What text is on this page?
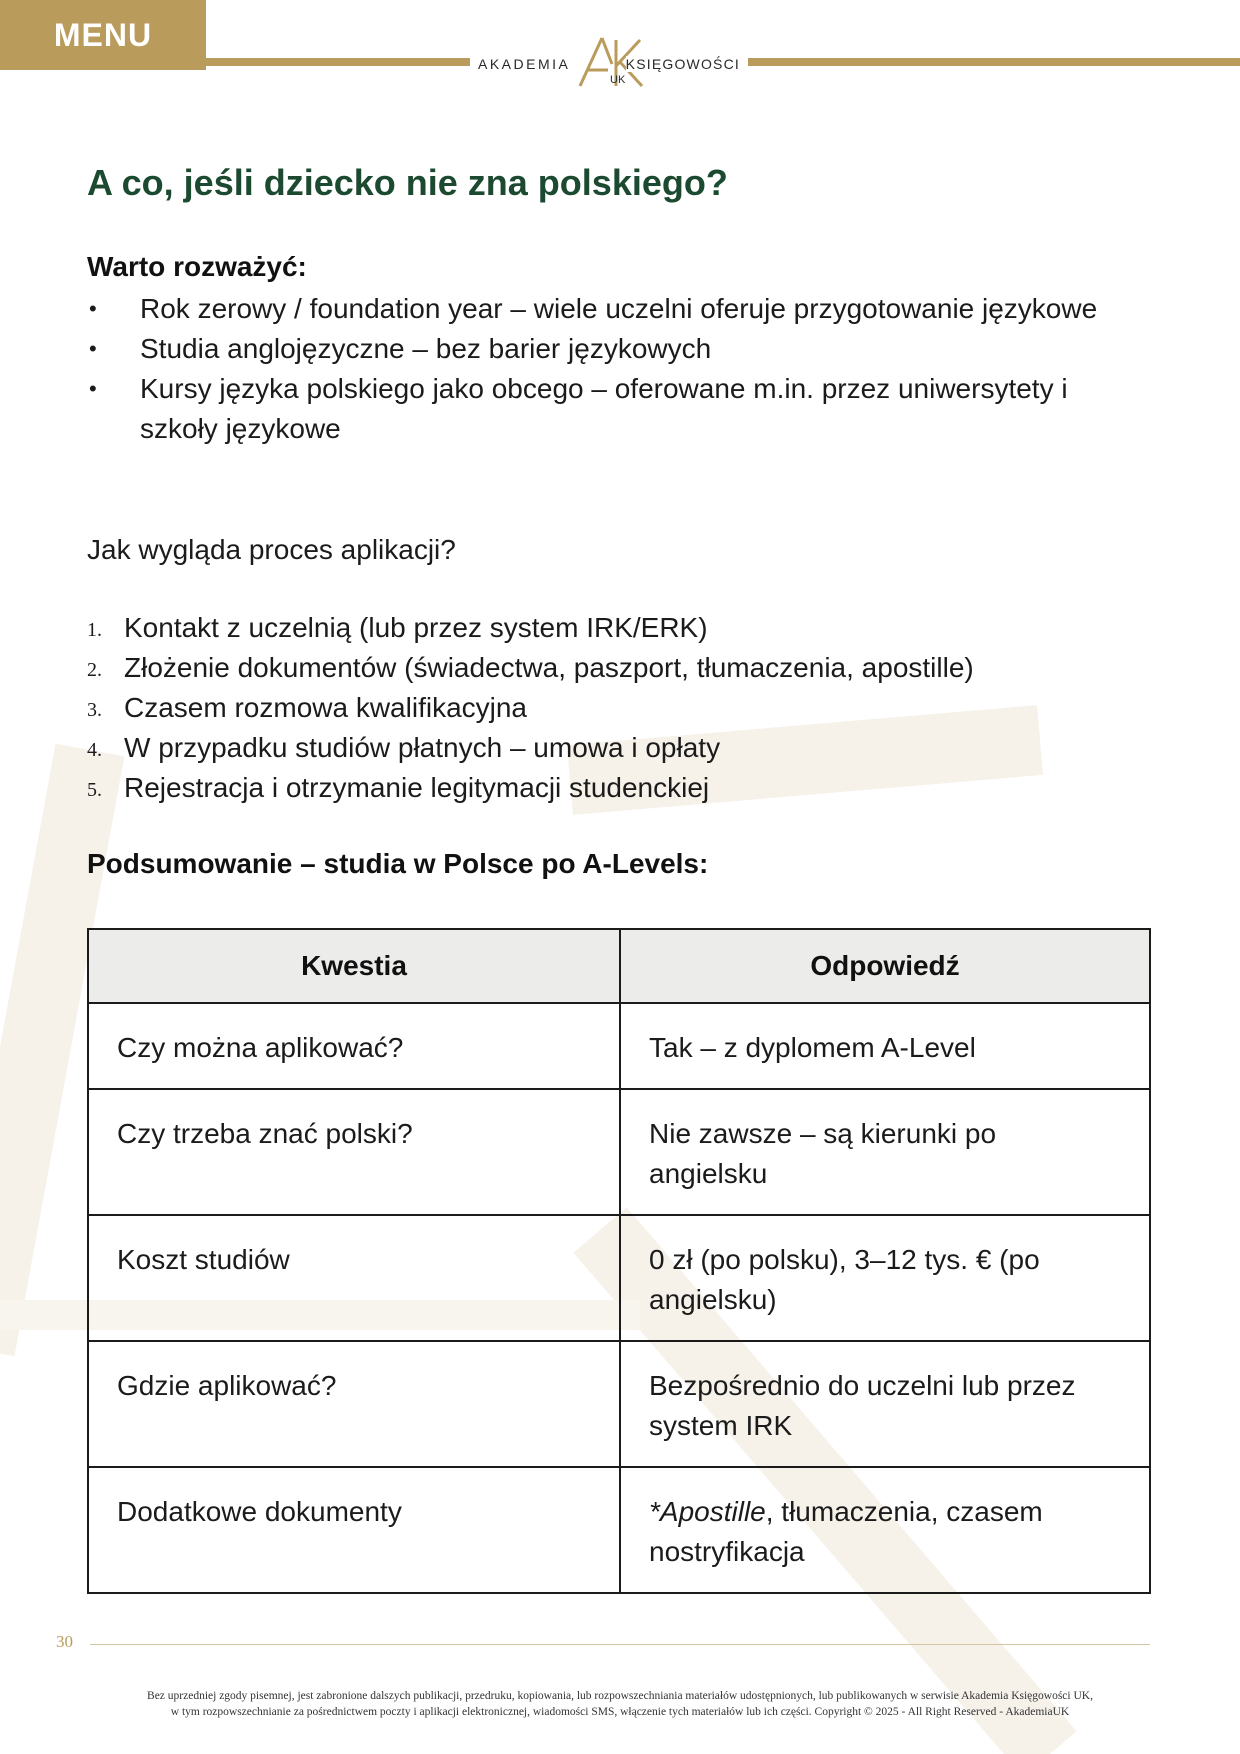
MENU
AKADEMIA
UK
KSIĘGOWOŚCI
A co, jeśli dziecko nie zna polskiego?
Warto rozważyć:
• Rok zerowy / foundation year – wiele uczelni oferuje przygotowanie językowe
• Studia anglojęzyczne – bez barier językowych
• Kursy języka polskiego jako obcego – oferowane m.in. przez uniwersytety i szkoły językowe

Jak wygląda proces aplikacji?

1. Kontakt z uczelnią (lub przez system IRK/ERK)
2. Złożenie dokumentów (świadectwa, paszport, tłumaczenia, apostille)
3. Czasem rozmowa kwalifikacyjna
4. W przypadku studiów płatnych – umowa i opłaty
5. Rejestracja i otrzymanie legitymacji studenckiej
Podsumowanie – studia w Polsce po A-Levels:
Kwestia	Odpowiedź
Czy można aplikować?	Tak – z dyplomem A-Level
Czy trzeba znać polski?	Nie zawsze – są kierunki po angielsku
Koszt studiów	0 zł (po polsku), 3–12 tys. € (po angielsku)
Gdzie aplikować?	Bezpośrednio do uczelni lub przez system IRK
Dodatkowe dokumenty	*Apostille, tłumaczenia, czasem nostryfikacja
30
Bez uprzedniej zgody pisemnej, jest zabronione dalszych publikacji, przedruku, kopiowania, lub rozpowszechniania materiałów udostępnionych, lub publikowanych w serwisie Akademia Księgowości UK,
w tym rozpowszechnianie za pośrednictwem poczty i aplikacji elektronicznej, wiadomości SMS, włączenie tych materiałów lub ich części. Copyright © 2025 - All Right Reserved - AkademiaUK
